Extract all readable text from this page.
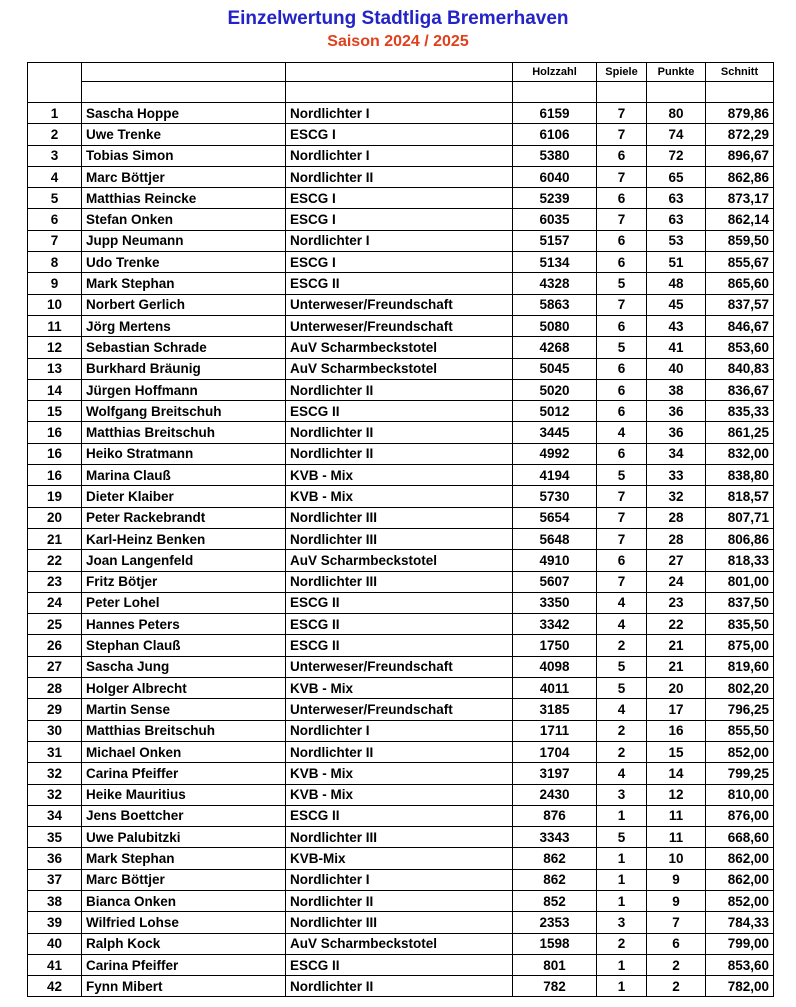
Einzelwertung Stadtliga Bremerhaven
Saison 2024 / 2025
			Holzzahl	Spiele	Punkte	Schnitt

1	Sascha Hoppe	Nordlichter I	6159	7	80	879,86
2	Uwe Trenke	ESCG I	6106	7	74	872,29
3	Tobias Simon	Nordlichter I	5380	6	72	896,67
4	Marc Böttjer	Nordlichter II	6040	7	65	862,86
5	Matthias Reincke	ESCG I	5239	6	63	873,17
6	Stefan Onken	ESCG I	6035	7	63	862,14
7	Jupp Neumann	Nordlichter I	5157	6	53	859,50
8	Udo Trenke	ESCG I	5134	6	51	855,67
9	Mark Stephan	ESCG II	4328	5	48	865,60
10	Norbert Gerlich	Unterweser/Freundschaft	5863	7	45	837,57
11	Jörg Mertens	Unterweser/Freundschaft	5080	6	43	846,67
12	Sebastian Schrade	AuV Scharmbeckstotel	4268	5	41	853,60
13	Burkhard Bräunig	AuV Scharmbeckstotel	5045	6	40	840,83
14	Jürgen Hoffmann	Nordlichter II	5020	6	38	836,67
15	Wolfgang Breitschuh	ESCG II	5012	6	36	835,33
16	Matthias Breitschuh	Nordlichter II	3445	4	36	861,25
16	Heiko Stratmann	Nordlichter II	4992	6	34	832,00
16	Marina Clauß	KVB - Mix	4194	5	33	838,80
19	Dieter Klaiber	KVB - Mix	5730	7	32	818,57
20	Peter Rackebrandt	Nordlichter III	5654	7	28	807,71
21	Karl-Heinz Benken	Nordlichter III	5648	7	28	806,86
22	Joan Langenfeld	AuV Scharmbeckstotel	4910	6	27	818,33
23	Fritz Bötjer	Nordlichter III	5607	7	24	801,00
24	Peter Lohel	ESCG II	3350	4	23	837,50
25	Hannes Peters	ESCG II	3342	4	22	835,50
26	Stephan Clauß	ESCG II	1750	2	21	875,00
27	Sascha Jung	Unterweser/Freundschaft	4098	5	21	819,60
28	Holger Albrecht	KVB - Mix	4011	5	20	802,20
29	Martin Sense	Unterweser/Freundschaft	3185	4	17	796,25
30	Matthias Breitschuh	Nordlichter I	1711	2	16	855,50
31	Michael Onken	Nordlichter II	1704	2	15	852,00
32	Carina Pfeiffer	KVB - Mix	3197	4	14	799,25
32	Heike Mauritius	KVB - Mix	2430	3	12	810,00
34	Jens Boettcher	ESCG II	876	1	11	876,00
35	Uwe Palubitzki	Nordlichter III	3343	5	11	668,60
36	Mark Stephan	KVB-Mix	862	1	10	862,00
37	Marc Böttjer	Nordlichter I	862	1	9	862,00
38	Bianca Onken	Nordlichter II	852	1	9	852,00
39	Wilfried Lohse	Nordlichter III	2353	3	7	784,33
40	Ralph Kock	AuV Scharmbeckstotel	1598	2	6	799,00
41	Carina Pfeiffer	ESCG II	801	1	2	853,60
42	Fynn Mibert	Nordlichter II	782	1	2	782,00
